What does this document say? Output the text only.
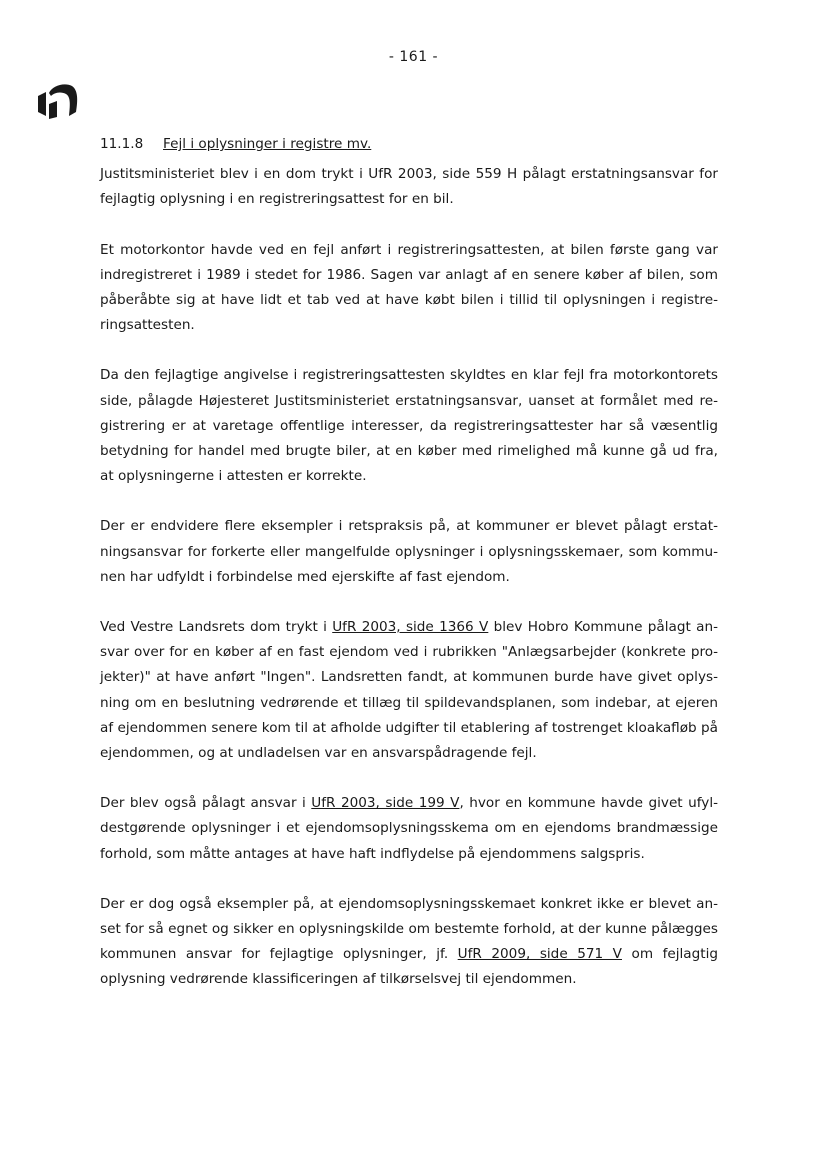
- 161 -
11.1.8 Fejl i oplysninger i registre mv.

Justitsministeriet blev i en dom trykt i UfR 2003, side 559 H pålagt erstatningsansvar for fejlagtig oplysning i en registreringsattest for en bil.

Et motorkontor havde ved en fejl anført i registreringsattesten, at bilen første gang var indregistreret i 1989 i stedet for 1986. Sagen var anlagt af en senere køber af bilen, som påberåbte sig at have lidt et tab ved at have købt bilen i tillid til oplysningen i registreringsattesten.

Da den fejlagtige angivelse i registreringsattesten skyldtes en klar fejl fra motorkontorets side, pålagde Højesteret Justitsministeriet erstatningsansvar, uanset at formålet med registrering er at varetage offentlige interesser, da registreringsattester har så væsentlig betydning for handel med brugte biler, at en køber med rimelighed må kunne gå ud fra, at oplysningerne i attesten er korrekte.

Der er endvidere flere eksempler i retspraksis på, at kommuner er blevet pålagt erstatningsansvar for forkerte eller mangelfulde oplysninger i oplysningsskemaer, som kommunen har udfyldt i forbindelse med ejerskifte af fast ejendom.

Ved Vestre Landsrets dom trykt i UfR 2003, side 1366 V blev Hobro Kommune pålagt ansvar over for en køber af en fast ejendom ved i rubrikken "Anlægsarbejder (konkrete projekter)" at have anført "Ingen". Landsretten fandt, at kommunen burde have givet oplysning om en beslutning vedrørende et tillæg til spildevandsplanen, som indebar, at ejeren af ejendommen senere kom til at afholde udgifter til etablering af tostrenget kloakafløb på ejendommen, og at undladelsen var en ansvarspådragende fejl.

Der blev også pålagt ansvar i UfR 2003, side 199 V, hvor en kommune havde givet ufyldestgørende oplysninger i et ejendomsoplysningsskema om en ejendoms brandmæssige forhold, som måtte antages at have haft indflydelse på ejendommens salgspris.

Der er dog også eksempler på, at ejendomsoplysningsskemaet konkret ikke er blevet anset for så egnet og sikker en oplysningskilde om bestemte forhold, at der kunne pålægges kommunen ansvar for fejlagtige oplysninger, jf. UfR 2009, side 571 V om fejlagtig oplysning vedrørende klassificeringen af tilkørselsvej til ejendommen.
